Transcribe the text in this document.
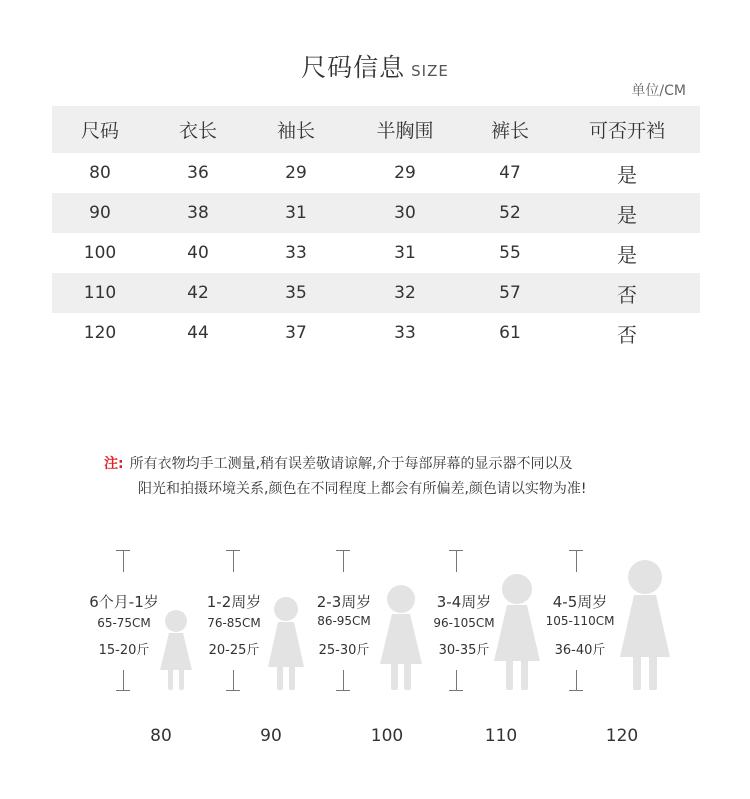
尺码信息 SIZE
单位/CM
尺码	衣长	袖长	半胸围	裤长	可否开裆
80	36	29	29	47	是
90	38	31	30	52	是
100	40	33	31	55	是
110	42	35	32	57	否
120	44	37	33	61	否
注: 所有衣物均手工测量,稍有误差敬请谅解,介于每部屏幕的显示器不同以及
阳光和拍摄环境关系,颜色在不同程度上都会有所偏差,颜色请以实物为准!
6个月-1岁
65-75CM
15-20斤
1-2周岁
76-85CM
20-25斤
2-3周岁
86-95CM
25-30斤
3-4周岁
96-105CM
30-35斤
4-5周岁
105-110CM
36-40斤
80	90	100	110	120
